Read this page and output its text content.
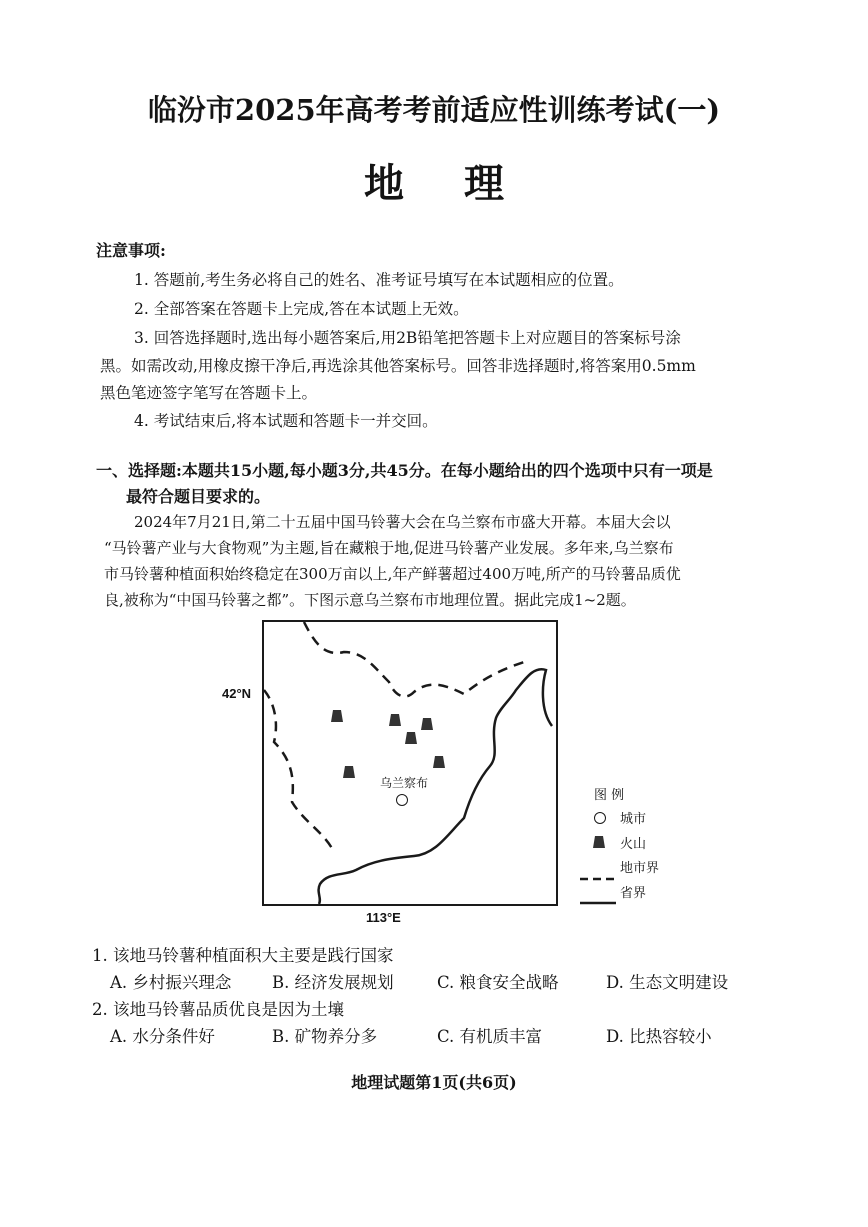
临汾市2025年高考考前适应性训练考试(一)
地理
注意事项:
1. 答题前,考生务必将自己的姓名、准考证号填写在本试题相应的位置。
2. 全部答案在答题卡上完成,答在本试题上无效。
3. 回答选择题时,选出每小题答案后,用2B铅笔把答题卡上对应题目的答案标号涂
黑。如需改动,用橡皮擦干净后,再选涂其他答案标号。回答非选择题时,将答案用0.5mm
黑色笔迹签字笔写在答题卡上。
4. 考试结束后,将本试题和答题卡一并交回。
一、选择题:本题共15小题,每小题3分,共45分。在每小题给出的四个选项中只有一项是
最符合题目要求的。
2024年7月21日,第二十五届中国马铃薯大会在乌兰察布市盛大开幕。本届大会以
“马铃薯产业与大食物观”为主题,旨在藏粮于地,促进马铃薯产业发展。多年来,乌兰察布
市马铃薯种植面积始终稳定在300万亩以上,年产鲜薯超过400万吨,所产的马铃薯品质优
良,被称为“中国马铃薯之都”。下图示意乌兰察布市地理位置。据此完成1~2题。
42°N
113°E
乌兰察布
图 例
城市
火山
地市界
省界
1. 该地马铃薯种植面积大主要是践行国家
A. 乡村振兴理念 B. 经济发展规划	C. 粮食安全战略	D. 生态文明建设
2. 该地马铃薯品质优良是因为土壤
A. 水分条件好	B. 矿物养分多	C. 有机质丰富	D. 比热容较小
地理试题第1页(共6页)
